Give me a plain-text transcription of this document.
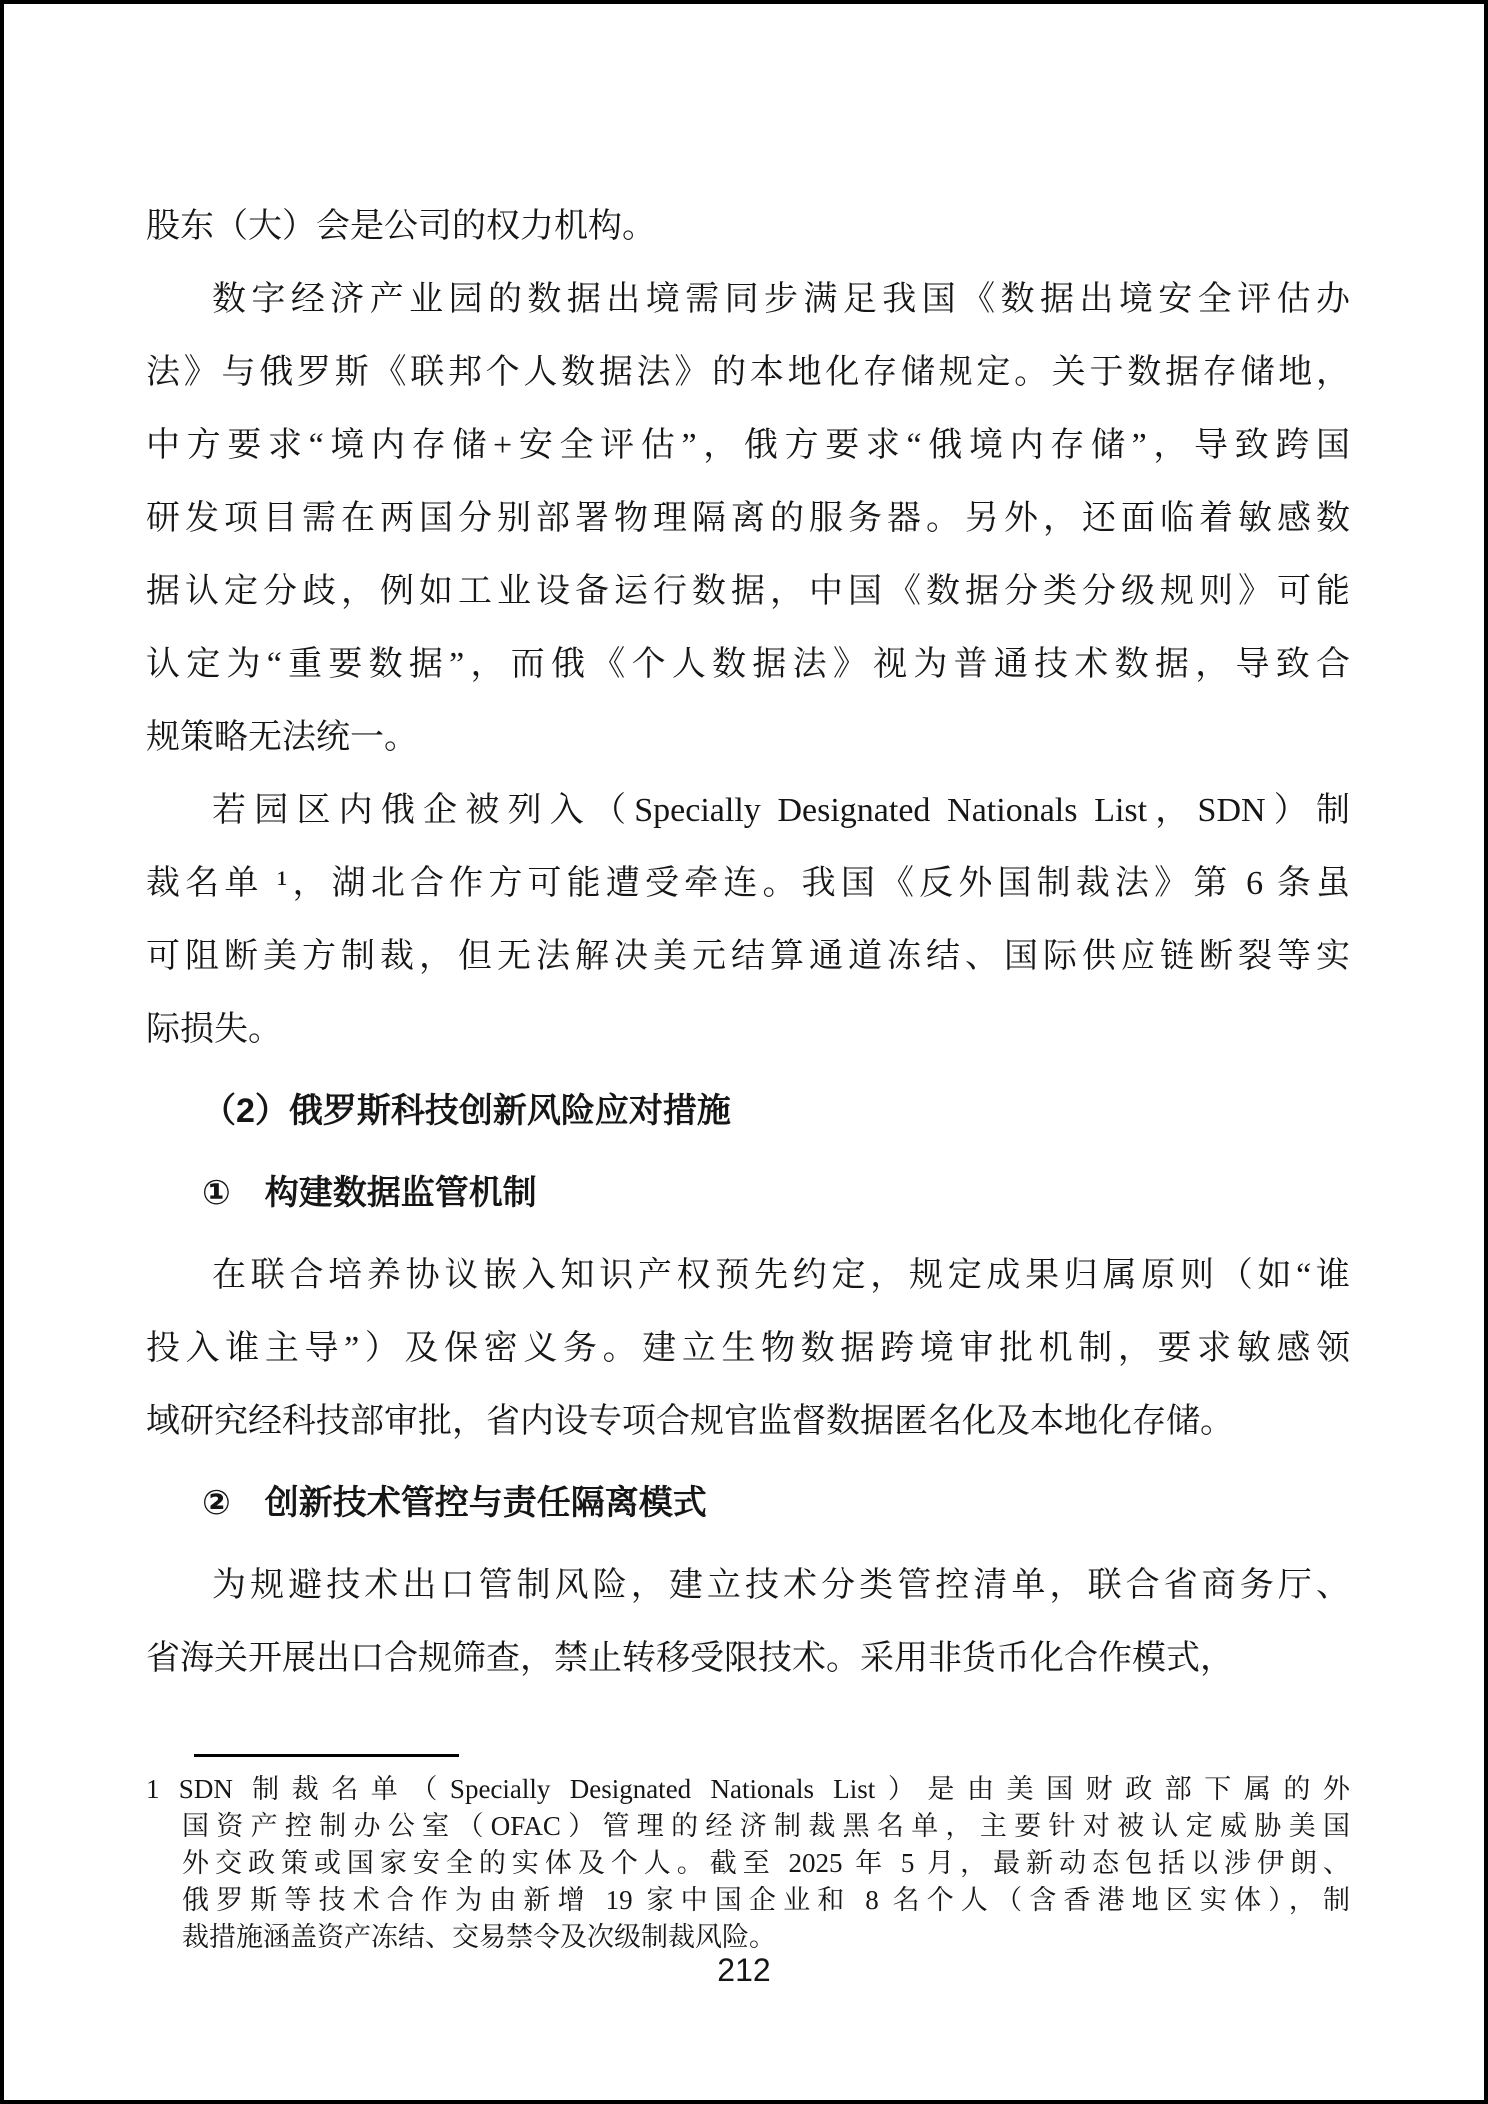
股东（大）会是公司的权力机构。
数字经济产业园的数据出境需同步满足我国《数据出境安全评估办
法》与俄罗斯《联邦个人数据法》的本地化存储规定。关于数据存储地，
中方要求“境内存储+安全评估”，俄方要求“俄境内存储”，导致跨国
研发项目需在两国分别部署物理隔离的服务器。另外，还面临着敏感数
据认定分歧，例如工业设备运行数据，中国《数据分类分级规则》可能
认定为“重要数据”，而俄《个人数据法》视为普通技术数据，导致合
规策略无法统一。
若园区内俄企被列入（Specially Designated Nationals List，SDN）制
裁名单 ¹，湖北合作方可能遭受牵连。我国《反外国制裁法》第 6 条虽
可阻断美方制裁，但无法解决美元结算通道冻结、国际供应链断裂等实
际损失。
（2）俄罗斯科技创新风险应对措施
①　构建数据监管机制
在联合培养协议嵌入知识产权预先约定，规定成果归属原则（如“谁
投入谁主导”）及保密义务。建立生物数据跨境审批机制，要求敏感领
域研究经科技部审批，省内设专项合规官监督数据匿名化及本地化存储。
②　创新技术管控与责任隔离模式
为规避技术出口管制风险，建立技术分类管控清单，联合省商务厅、
省海关开展出口合规筛查，禁止转移受限技术。采用非货币化合作模式，
1 SDN 制裁名单（Specially Designated Nationals List）是由美国财政部下属的外
国资产控制办公室（OFAC）管理的经济制裁黑名单，主要针对被认定威胁美国
外交政策或国家安全的实体及个人。截至 2025 年 5 月，最新动态包括以涉伊朗、
俄罗斯等技术合作为由新增 19 家中国企业和 8 名个人（含香港地区实体），制
裁措施涵盖资产冻结、交易禁令及次级制裁风险。
212
